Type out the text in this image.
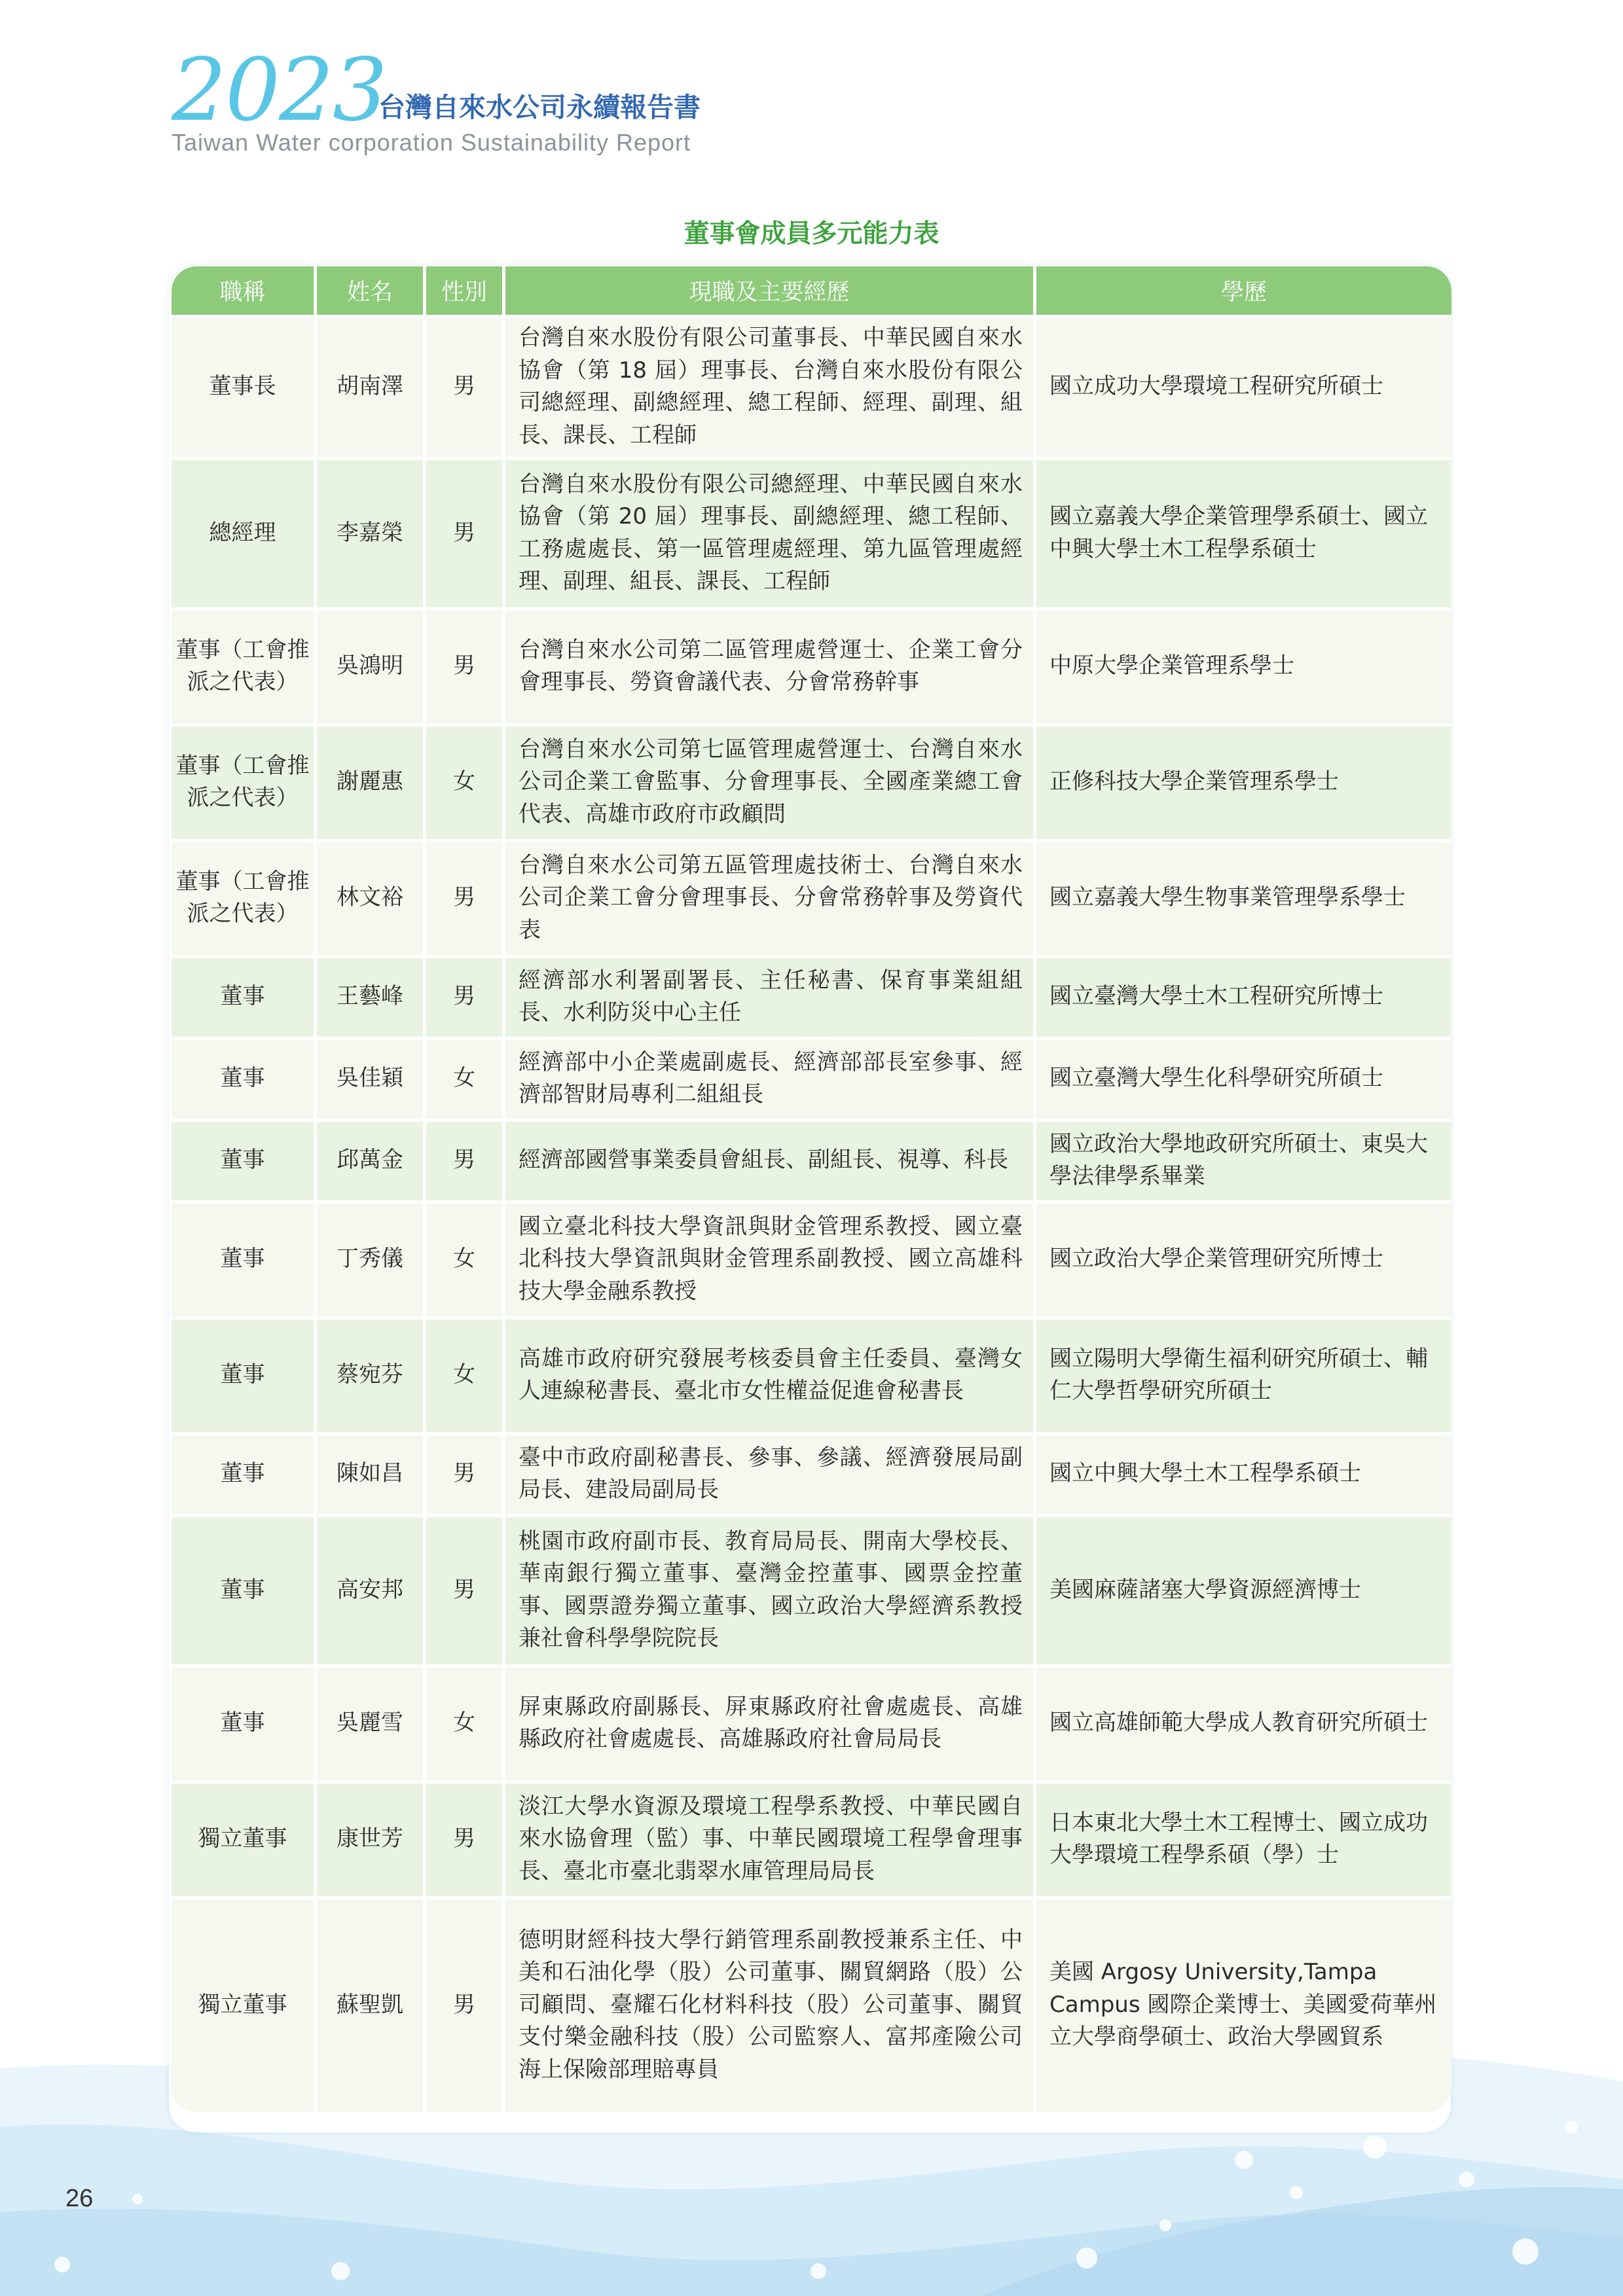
2023
台灣自來水公司永續報告書
Taiwan Water corporation Sustainability Report
董事會成員多元能力表
職稱	姓名	性別	現職及主要經歷	學歷
董事長	胡南澤	男	台灣自來水股份有限公司董事長、中華民國自來水協會（第 18 屆）理事長、台灣自來水股份有限公司總經理、副總經理、總工程師、經理、副理、組長、課長、工程師	國立成功大學環境工程研究所碩士
總經理	李嘉榮	男	台灣自來水股份有限公司總經理、中華民國自來水協會（第 20 屆）理事長、副總經理、總工程師、工務處處長、第一區管理處經理、第九區管理處經理、副理、組長、課長、工程師	國立嘉義大學企業管理學系碩士、國立中興大學土木工程學系碩士
董事（工會推派之代表）	吳鴻明	男	台灣自來水公司第二區管理處營運士、企業工會分會理事長、勞資會議代表、分會常務幹事	中原大學企業管理系學士
董事（工會推派之代表）	謝麗惠	女	台灣自來水公司第七區管理處營運士、台灣自來水公司企業工會監事、分會理事長、全國產業總工會代表、高雄市政府市政顧問	正修科技大學企業管理系學士
董事（工會推派之代表）	林文裕	男	台灣自來水公司第五區管理處技術士、台灣自來水公司企業工會分會理事長、分會常務幹事及勞資代表	國立嘉義大學生物事業管理學系學士
董事	王藝峰	男	經濟部水利署副署長、主任秘書、保育事業組組長、水利防災中心主任	國立臺灣大學土木工程研究所博士
董事	吳佳穎	女	經濟部中小企業處副處長、經濟部部長室參事、經濟部智財局專利二組組長	國立臺灣大學生化科學研究所碩士
董事	邱萬金	男	經濟部國營事業委員會組長、副組長、視導、科長	國立政治大學地政研究所碩士、東吳大學法律學系畢業
董事	丁秀儀	女	國立臺北科技大學資訊與財金管理系教授、國立臺北科技大學資訊與財金管理系副教授、國立高雄科技大學金融系教授	國立政治大學企業管理研究所博士
董事	蔡宛芬	女	高雄市政府研究發展考核委員會主任委員、臺灣女人連線秘書長、臺北市女性權益促進會秘書長	國立陽明大學衛生福利研究所碩士、輔仁大學哲學研究所碩士
董事	陳如昌	男	臺中市政府副秘書長、參事、參議、經濟發展局副局長、建設局副局長	國立中興大學土木工程學系碩士
董事	高安邦	男	桃園市政府副市長、教育局局長、開南大學校長、華南銀行獨立董事、臺灣金控董事、國票金控董事、國票證券獨立董事、國立政治大學經濟系教授兼社會科學學院院長	美國麻薩諸塞大學資源經濟博士
董事	吳麗雪	女	屏東縣政府副縣長、屏東縣政府社會處處長、高雄縣政府社會處處長、高雄縣政府社會局局長	國立高雄師範大學成人教育研究所碩士
獨立董事	康世芳	男	淡江大學水資源及環境工程學系教授、中華民國自來水協會理（監）事、中華民國環境工程學會理事長、臺北市臺北翡翠水庫管理局局長	日本東北大學土木工程博士、國立成功大學環境工程學系碩（學）士
獨立董事	蘇聖凱	男	德明財經科技大學行銷管理系副教授兼系主任、中美和石油化學（股）公司董事、關貿網路（股）公司顧問、臺耀石化材料科技（股）公司董事、關貿支付樂金融科技（股）公司監察人、富邦產險公司海上保險部理賠專員	美國 Argosy University,Tampa Campus 國際企業博士、美國愛荷華州立大學商學碩士、政治大學國貿系
26
